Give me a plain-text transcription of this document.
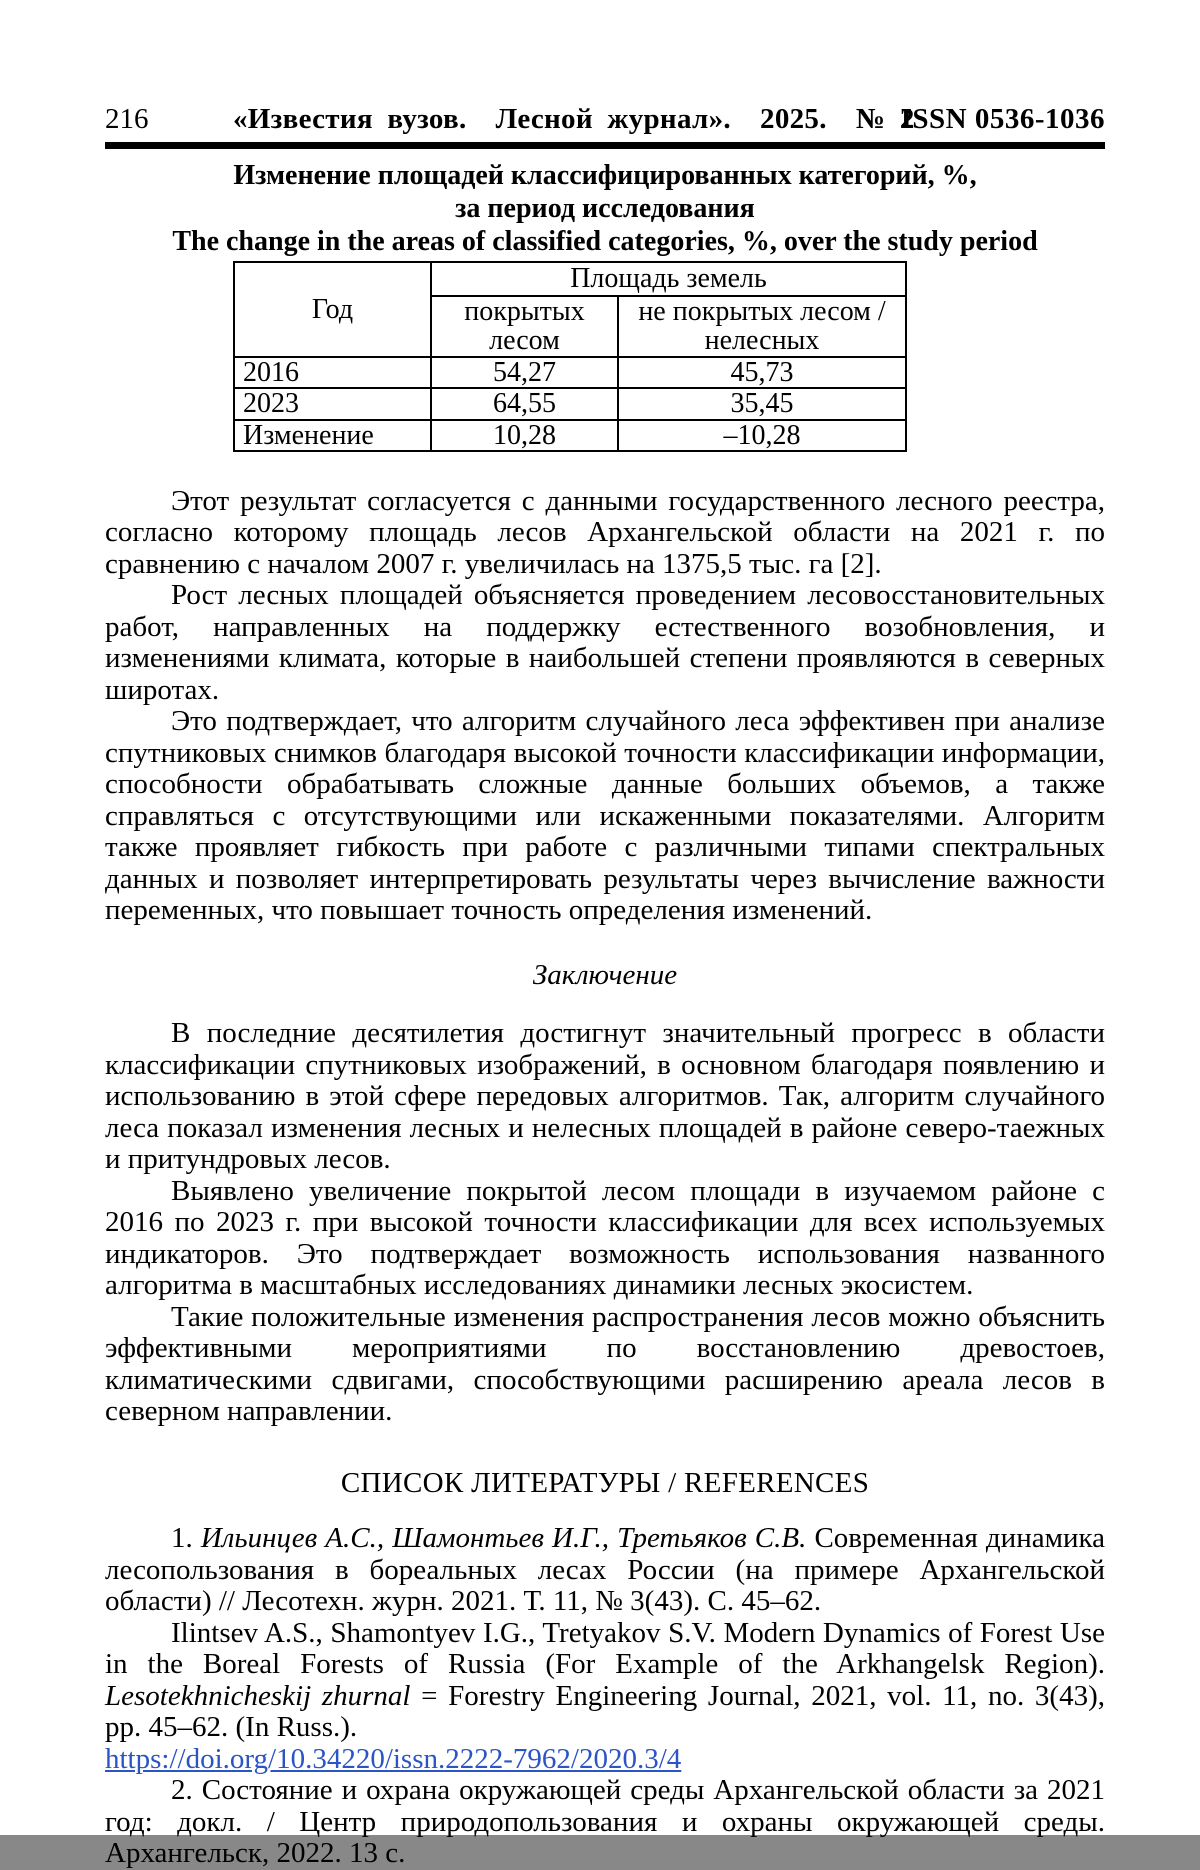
216	«Известия вузов.  Лесной журнал».  2025.  № 2
ISSN 0536-1036
Изменение площадей классифицированных категорий, %,
за период исследования
The change in the areas of classified categories, %, over the study period
Год	Площадь земель	
	покрытых лесом	не покрытых лесом / нелесных
2016	54,27	45,73
2023	64,55	35,45
Изменение	10,28	–10,28

Этот результат согласуется с данными государственного лесного реестра, согласно которому площадь лесов Архангельской области на 2021 г. по сравнению с началом 2007 г. увеличилась на 1375,5 тыс. га [2].

Рост лесных площадей объясняется проведением лесовосстановительных работ, направленных на поддержку естественного возобновления, и изменениями климата, которые в наибольшей степени проявляются в северных широтах.

Это подтверждает, что алгоритм случайного леса эффективен при анализе спутниковых снимков благодаря высокой точности классификации информации, способности обрабатывать сложные данные больших объемов, а также справляться с отсутствующими или искаженными показателями. Алгоритм также проявляет гибкость при работе с различными типами спектральных данных и позволяет интерпретировать результаты через вычисление важности переменных, что повышает точность определения изменений.

Заключение

В последние десятилетия достигнут значительный прогресс в области классификации спутниковых изображений, в основном благодаря появлению и использованию в этой сфере передовых алгоритмов. Так, алгоритм случайного леса показал изменения лесных и нелесных площадей в районе северо-таежных и притундровых лесов.

Выявлено увеличение покрытой лесом площади в изучаемом районе с 2016 по 2023 г. при высокой точности классификации для всех используемых индикаторов. Это подтверждает возможность использования названного алгоритма в масштабных исследованиях динамики лесных экосистем.

Такие положительные изменения распространения лесов можно объяснить эффективными мероприятиями по восстановлению древостоев, климатическими сдвигами, способствующими расширению ареала лесов в северном направлении.

СПИСОК ЛИТЕРАТУРЫ / REFERENCES

1. Ильинцев А.С., Шамонтьев И.Г., Третьяков С.В. Современная динамика лесопользования в бореальных лесах России (на примере Архангельской области) // Лесотехн. журн. 2021. Т. 11, № 3(43). С. 45–62.

Ilintsev A.S., Shamontyev I.G., Tretyakov S.V. Modern Dynamics of Forest Use in the Boreal Forests of Russia (For Example of the Arkhangelsk Region). Lesotekhnicheskij zhurnal = Forestry Engineering Journal, 2021, vol. 11, no. 3(43), pp. 45–62. (In Russ.).

https://doi.org/10.34220/issn.2222-7962/2020.3/4

2. Состояние и охрана окружающей среды Архангельской области за 2021 год: докл. / Центр природопользования и охраны окружающей среды. Архангельск, 2022. 13 с.
